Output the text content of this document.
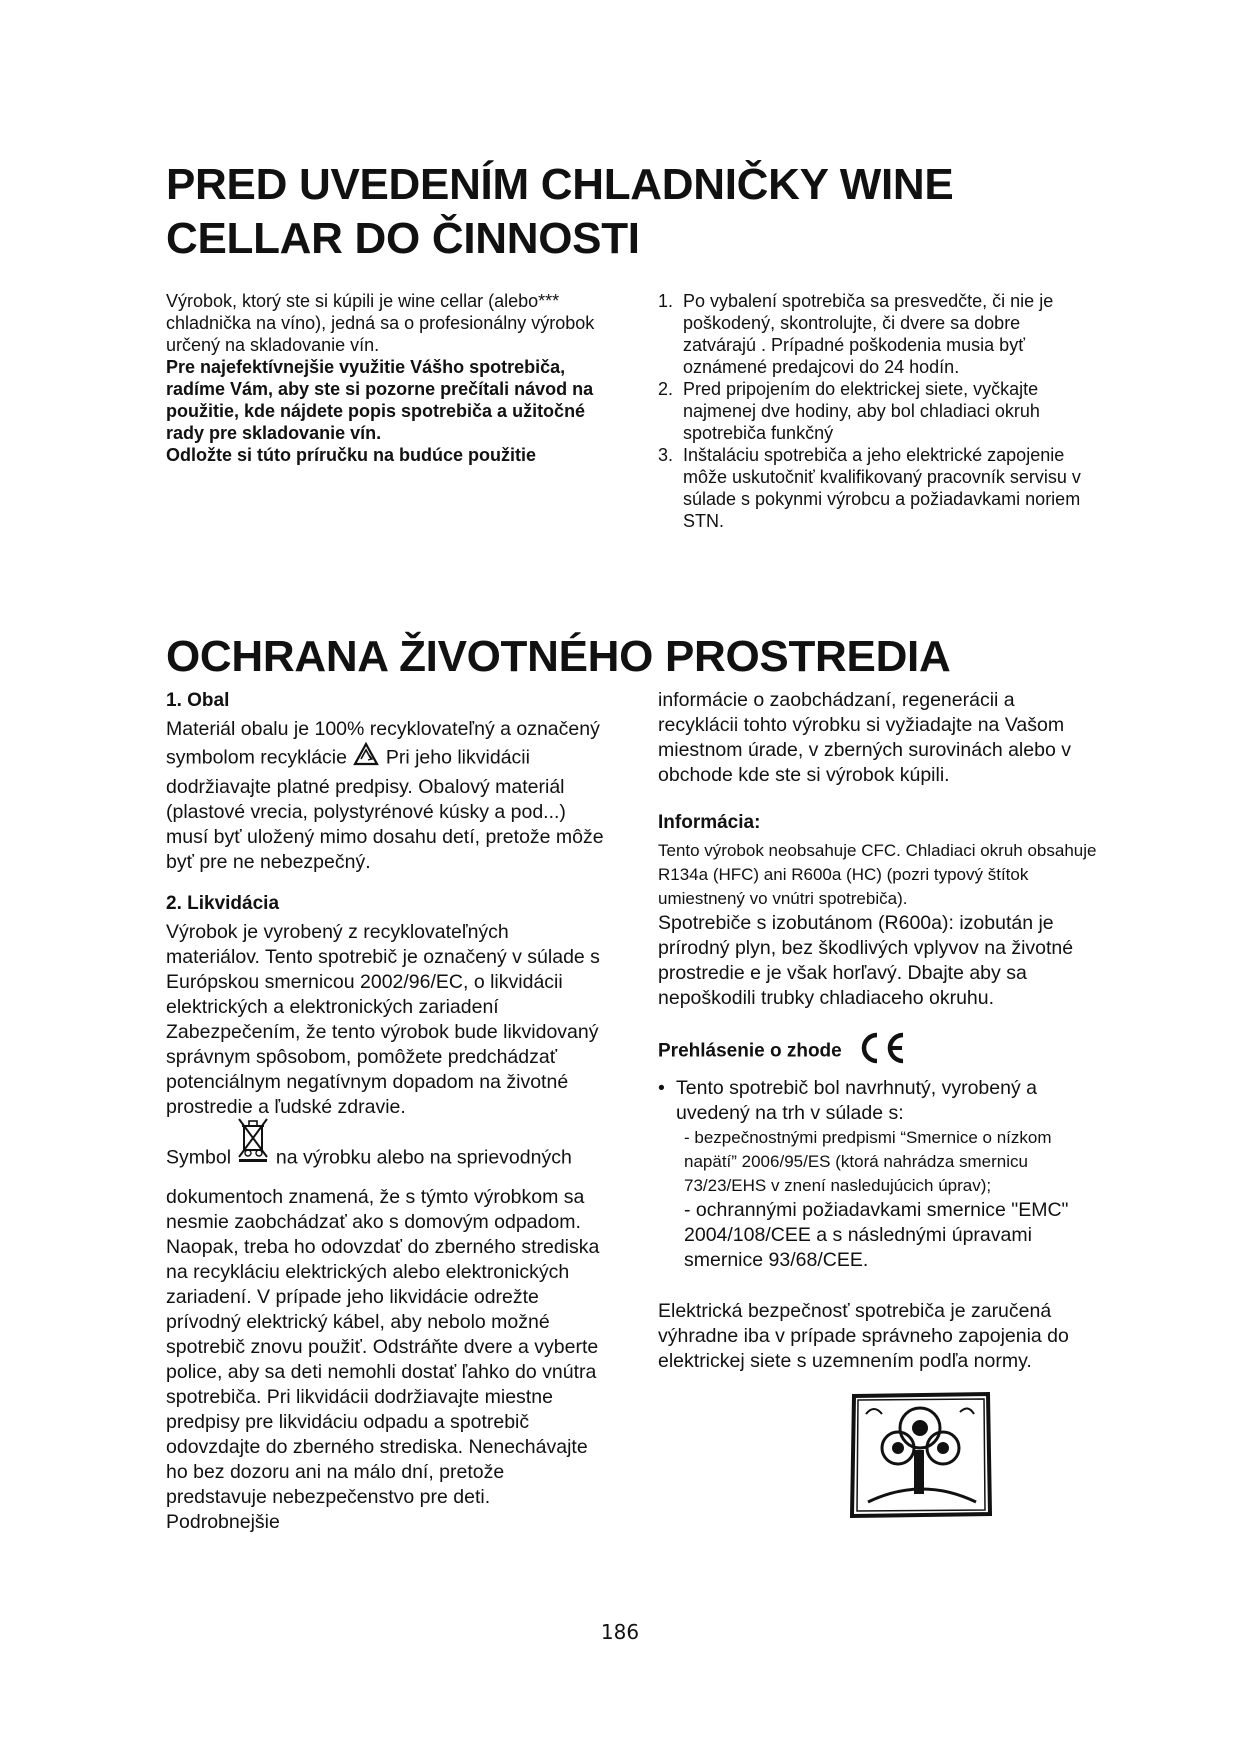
PRED UVEDENÍM CHLADNIČKY WINE CELLAR DO ČINNOSTI

Výrobok, ktorý ste si kúpili je wine cellar (alebo*** chladnička na víno), jedná sa o profesionálny výrobok určený na skladovanie vín.

Pre najefektívnejšie využitie Vášho spotrebiča, radíme Vám, aby ste si pozorne prečítali návod na použitie, kde nájdete popis spotrebiča a užitočné rady pre skladovanie vín.

Odložte si túto príručku na budúce použitie

1. Po vybalení spotrebiča sa presvedčte, či nie je poškodený, skontrolujte, či dvere sa dobre zatvárajú . Prípadné poškodenia musia byť oznámené predajcovi do 24 hodín.
2. Pred pripojením do elektrickej siete, vyčkajte najmenej dve hodiny, aby bol chladiaci okruh spotrebiča funkčný
3. Inštaláciu spotrebiča a jeho elektrické zapojenie môže uskutočniť kvalifikovaný pracovník servisu v súlade s pokynmi výrobcu a požiadavkami noriem STN.
OCHRANA ŽIVOTNÉHO PROSTREDIA
1. Obal

Materiál obalu je 100% recyklovateľný a označený symbolom recyklácie Pri jeho likvidácii dodržiavajte platné predpisy. Obalový materiál (plastové vrecia, polystyrénové kúsky a pod...) musí byť uložený mimo dosahu detí, pretože môže byť pre ne nebezpečný.

2. Likvidácia

Výrobok je vyrobený z recyklovateľných materiálov. Tento spotrebič je označený v súlade s Európskou smernicou 2002/96/EC, o likvidácii elektrických a elektronických zariadení Zabezpečením, že tento výrobok bude likvidovaný správnym spôsobom, pomôžete predchádzať potenciálnym negatívnym dopadom na životné prostredie a ľudské zdravie.

Symbol na výrobku alebo na sprievodných dokumentoch znamená, že s týmto výrobkom sa nesmie zaobchádzať ako s domovým odpadom. Naopak, treba ho odovzdať do zberného strediska na recykláciu elektrických alebo elektronických zariadení. V prípade jeho likvidácie odrežte prívodný elektrický kábel, aby nebolo možné spotrebič znovu použiť. Odstráňte dvere a vyberte police, aby sa deti nemohli dostať ľahko do vnútra spotrebiča. Pri likvidácii dodržiavajte miestne predpisy pre likvidáciu odpadu a spotrebič odovzdajte do zberného strediska. Nenechávajte ho bez dozoru ani na málo dní, pretože predstavuje nebezpečenstvo pre deti. Podrobnejšie

informácie o zaobchádzaní, regenerácii a recyklácii tohto výrobku si vyžiadajte na Vašom miestnom úrade, v zberných surovinách alebo v obchode kde ste si výrobok kúpili.

Informácia:

Tento výrobok neobsahuje CFC. Chladiaci okruh obsahuje R134a (HFC) ani R600a (HC) (pozri typový štítok umiestnený vo vnútri spotrebiča).

Spotrebiče s izobutánom (R600a): izobután je prírodný plyn, bez škodlivých vplyvov na životné prostredie e je však horľavý. Dbajte aby sa nepoškodili trubky chladiaceho okruhu.

Prehlásenie o zhode
• Tento spotrebič bol navrhnutý, vyrobený a uvedený na trh v súlade s:
- bezpečnostnými predpismi “Smernice o nízkom napätí” 2006/95/ES (ktorá nahrádza smernicu 73/23/EHS v znení nasledujúcich úprav);
- ochrannými požiadavkami smernice "EMC" 2004/108/CEE a s následnými úpravami smernice 93/68/CEE.

Elektrická bezpečnosť spotrebiča je zaručená výhradne iba v prípade správneho zapojenia do elektrickej siete s uzemnením podľa normy.

186
